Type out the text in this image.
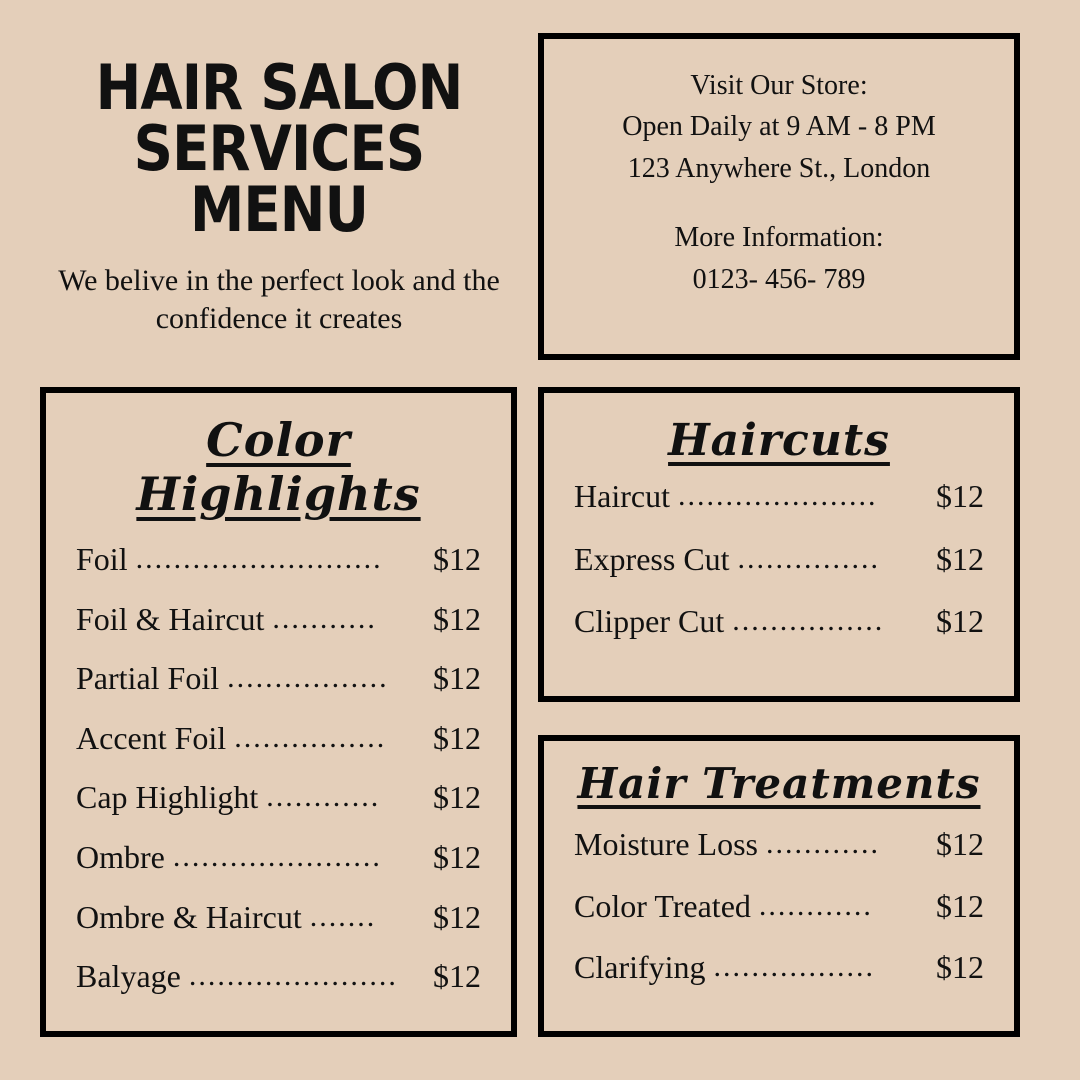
HAIR SALON
SERVICES MENU
We belive in the perfect look and the confidence it creates
Visit Our Store:
Open Daily at 9 AM - 8 PM
123 Anywhere St., London
More Information:
0123- 456- 789
Color Highlights
Foil ..........................	$12
Foil & Haircut ...........	$12
Partial Foil .................	$12
Accent Foil ................	$12
Cap Highlight ............	$12
Ombre ......................	$12
Ombre & Haircut .......	$12
Balyage ......................	$12
Haircuts
Haircut .....................	$12
Express Cut ...............	$12
Clipper Cut ................	$12
Hair Treatments
Moisture Loss ............	$12
Color Treated ............	$12
Clarifying .................	$12
